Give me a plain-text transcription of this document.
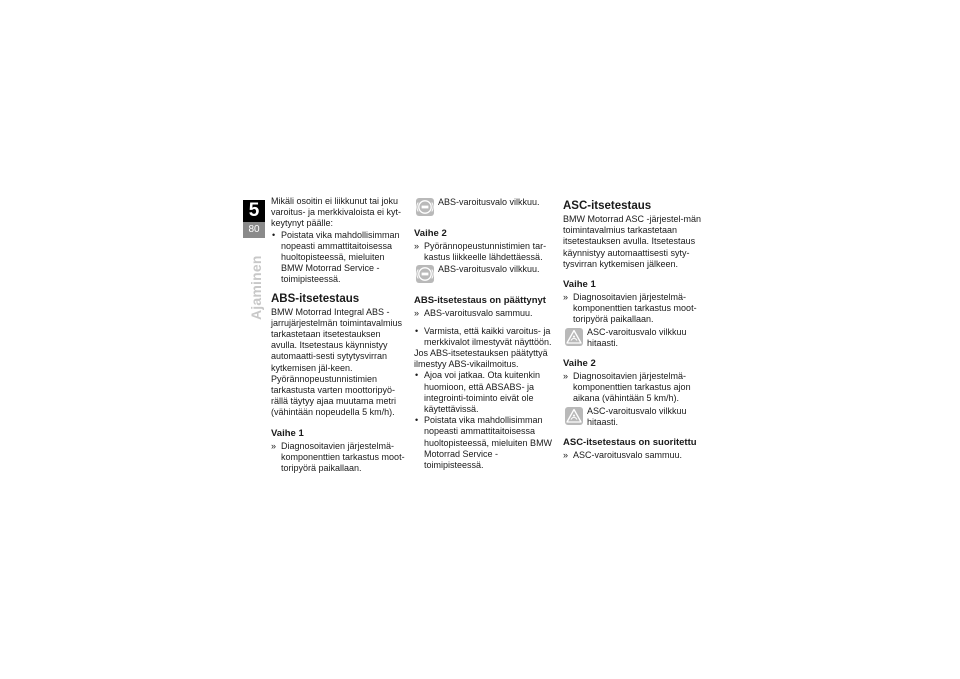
5
80
Ajaminen

Mikäli osoitin ei liikkunut tai joku varoitus- ja merkkivaloista ei kyt-keytynyt päälle:

• Poistata vika mahdollisimman nopeasti ammattitaitoisessa huoltopisteessä, mieluiten BMW Motorrad Service -toimipisteessä.

ABS-itsetestaus

BMW Motorrad Integral ABS -jarrujärjestelmän toimintavalmius tarkastetaan itsetestauksen avulla. Itsetestaus käynnistyy automaatti-sesti sytytysvirran kytkemisen jäl-keen. Pyörännopeustunnistimien tarkastusta varten moottoripyö-rällä täytyy ajaa muutama metri (vähintään nopeudella 5 km/h).

Vaihe 1

» Diagnosoitavien järjestelmä-komponenttien tarkastus moot-toripyörä paikallaan.

ABS-varoitusvalo vilkkuu.

Vaihe 2

» Pyörännopeustunnistimien tar-kastus liikkeelle lähdettäessä.

ABS-varoitusvalo vilkkuu.

ABS-itsetestaus on päättynyt

» ABS-varoitusvalo sammuu.

• Varmista, että kaikki varoitus- ja merkkivalot ilmestyvät näyttöön.

Jos ABS-itsetestauksen päätyttyä ilmestyy ABS-vikailmoitus.

• Ajoa voi jatkaa. Ota kuitenkin huomioon, että ABSABS- ja integrointi-toiminto eivät ole käytettävissä.

• Poistata vika mahdollisimman nopeasti ammattitaitoisessa huoltopisteessä, mieluiten BMW Motorrad Service -toimipisteessä.

ASC-itsetestaus

BMW Motorrad ASC -järjestel-män toimintavalmius tarkastetaan itsetestauksen avulla. Itsetestaus käynnistyy automaattisesti syty-tysvirran kytkemisen jälkeen.

Vaihe 1

» Diagnosoitavien järjestelmä-komponenttien tarkastus moot-toripyörä paikallaan.

ASC-varoitusvalo vilkkuu hitaasti.

Vaihe 2

» Diagnosoitavien järjestelmä-komponenttien tarkastus ajon aikana (vähintään 5 km/h).

ASC-varoitusvalo vilkkuu hitaasti.

ASC-itsetestaus on suoritettu

» ASC-varoitusvalo sammuu.
